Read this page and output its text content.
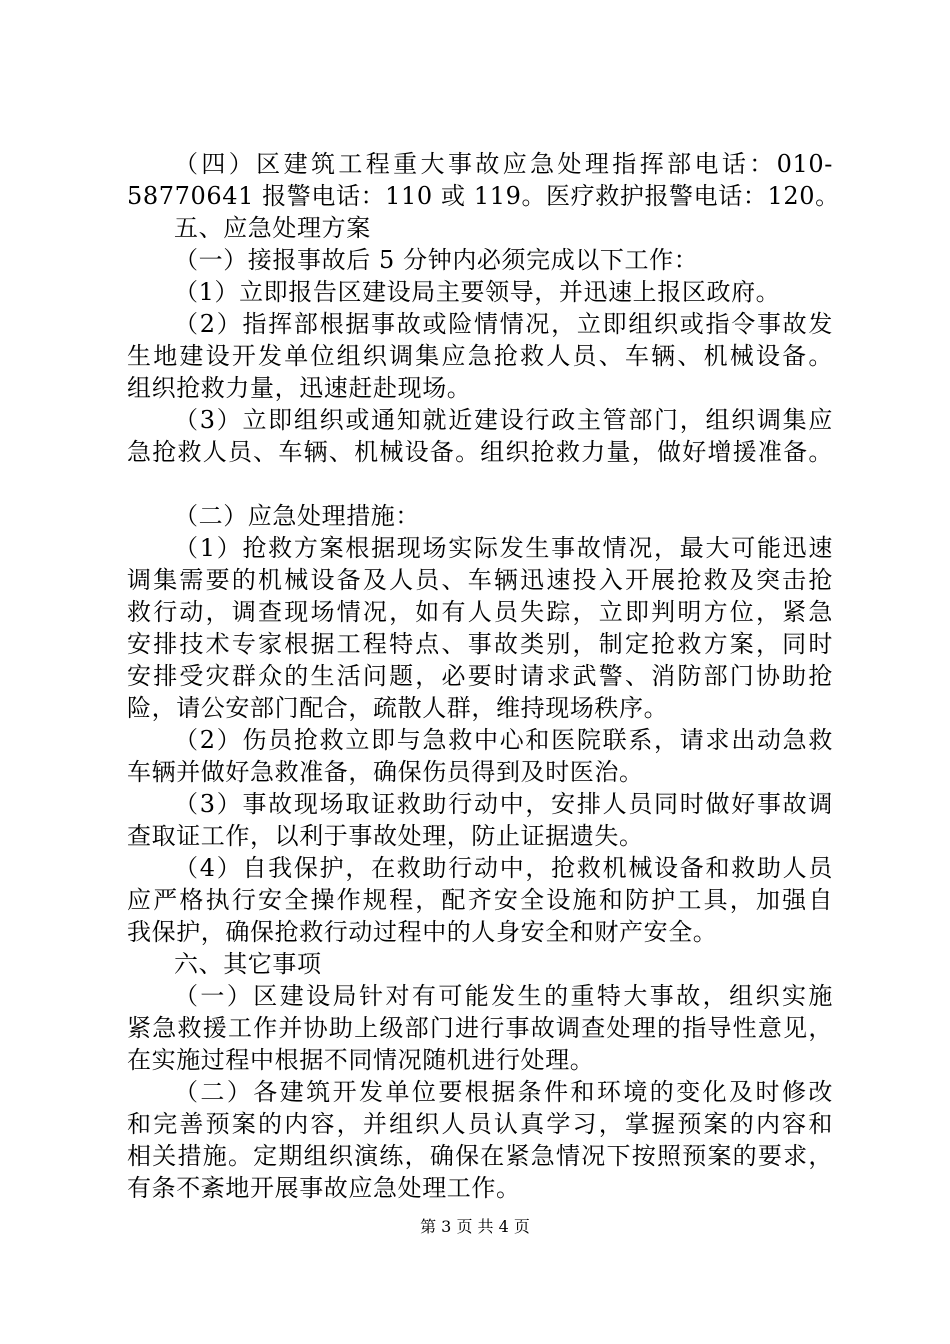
（四）区建筑工程重大事故应急处理指挥部电话：010-
58770641 报警电话：110 或 119。医疗救护报警电话：120。
五、应急处理方案
（一）接报事故后 5 分钟内必须完成以下工作：
（1）立即报告区建设局主要领导，并迅速上报区政府。
（2）指挥部根据事故或险情情况，立即组织或指令事故发
生地建设开发单位组织调集应急抢救人员、车辆、机械设备。
组织抢救力量，迅速赶赴现场。
（3）立即组织或通知就近建设行政主管部门，组织调集应
急抢救人员、车辆、机械设备。组织抢救力量，做好增援准备。
（二）应急处理措施：
（1）抢救方案根据现场实际发生事故情况，最大可能迅速
调集需要的机械设备及人员、车辆迅速投入开展抢救及突击抢
救行动，调查现场情况，如有人员失踪，立即判明方位，紧急
安排技术专家根据工程特点、事故类别，制定抢救方案，同时
安排受灾群众的生活问题，必要时请求武警、消防部门协助抢
险，请公安部门配合，疏散人群，维持现场秩序。
（2）伤员抢救立即与急救中心和医院联系，请求出动急救
车辆并做好急救准备，确保伤员得到及时医治。
（3）事故现场取证救助行动中，安排人员同时做好事故调
查取证工作，以利于事故处理，防止证据遗失。
（4）自我保护，在救助行动中，抢救机械设备和救助人员
应严格执行安全操作规程，配齐安全设施和防护工具，加强自
我保护，确保抢救行动过程中的人身安全和财产安全。
六、其它事项
（一）区建设局针对有可能发生的重特大事故，组织实施
紧急救援工作并协助上级部门进行事故调查处理的指导性意见，
在实施过程中根据不同情况随机进行处理。
（二）各建筑开发单位要根据条件和环境的变化及时修改
和完善预案的内容，并组织人员认真学习，掌握预案的内容和
相关措施。定期组织演练，确保在紧急情况下按照预案的要求，
有条不紊地开展事故应急处理工作。
第 3 页 共 4 页
